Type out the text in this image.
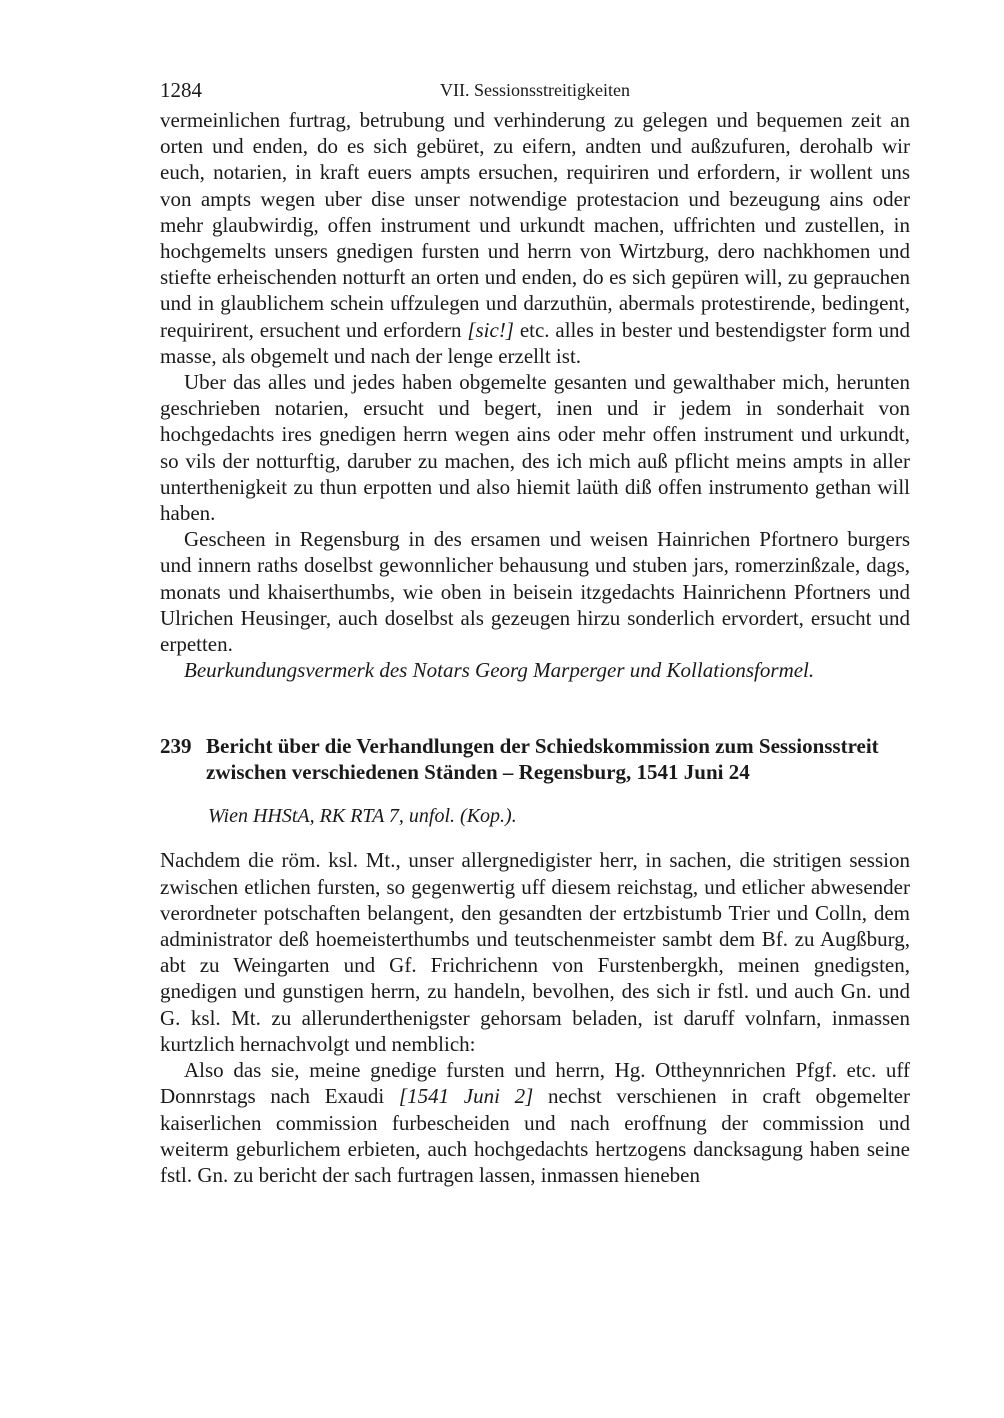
1284	VII. Sessionsstreitigkeiten

vermeinlichen furtrag, betrubung und verhinderung zu gelegen und bequemen zeit an orten und enden, do es sich gebüret, zu eifern, andten und außzufuren, derohalb wir euch, notarien, in kraft euers ampts ersuchen, requiriren und erfordern, ir wollent uns von ampts wegen uber dise unser notwendige protestacion und bezeugung ains oder mehr glaubwirdig, offen instrument und urkundt machen, uffrichten und zustellen, in hochgemelts unsers gnedigen fursten und herrn von Wirtzburg, dero nachkhomen und stiefte erheischenden notturft an orten und enden, do es sich gepüren will, zu geprauchen und in glaublichem schein uffzulegen und darzuthün, abermals protestirende, bedingent, requirirent, ersuchent und erfordern [sic!] etc. alles in bester und bestendigster form und masse, als obgemelt und nach der lenge erzellt ist.

Uber das alles und jedes haben obgemelte gesanten und gewalthaber mich, herunten geschrieben notarien, ersucht und begert, inen und ir jedem in sonderhait von hochgedachts ires gnedigen herrn wegen ains oder mehr offen instrument und urkundt, so vils der notturftig, daruber zu machen, des ich mich auß pflicht meins ampts in aller unterthenigkeit zu thun erpotten und also hiemit laüth diß offen instrumento gethan will haben.

Gescheen in Regensburg in des ersamen und weisen Hainrichen Pfortnero burgers und innern raths doselbst gewonnlicher behausung und stuben jars, romerzinßzale, dags, monats und khaiserthumbs, wie oben in beisein itzgedachts Hainrichenn Pfortners und Ulrichen Heusinger, auch doselbst als gezeugen hirzu sonderlich ervordert, ersucht und erpetten.

Beurkundungsvermerk des Notars Georg Marperger und Kollationsformel.

239 Bericht über die Verhandlungen der Schiedskommission zum Sessionsstreit zwischen verschiedenen Ständen – Regensburg, 1541 Juni 24

Wien HHStA, RK RTA 7, unfol. (Kop.).

Nachdem die röm. ksl. Mt., unser allergnedigister herr, in sachen, die stritigen session zwischen etlichen fursten, so gegenwertig uff diesem reichstag, und etlicher abwesender verordneter potschaften belangent, den gesandten der ertzbistumb Trier und Colln, dem administrator deß hoemeisterthumbs und teutschenmeister sambt dem Bf. zu Augßburg, abt zu Weingarten und Gf. Frichrichenn von Furstenbergkh, meinen gnedigsten, gnedigen und gunstigen herrn, zu handeln, bevolhen, des sich ir fstl. und auch Gn. und G. ksl. Mt. zu allerunderthenigster gehorsam beladen, ist daruff volnfarn, inmassen kurtzlich hernachvolgt und nemblich:

Also das sie, meine gnedige fursten und herrn, Hg. Ottheynnrichen Pfgf. etc. uff Donnrstags nach Exaudi [1541 Juni 2] nechst verschienen in craft obgemelter kaiserlichen commission furbescheiden und nach eroffnung der commission und weiterm geburlichem erbieten, auch hochgedachts hertzogens dancksagung haben seine fstl. Gn. zu bericht der sach furtragen lassen, inmassen hieneben
